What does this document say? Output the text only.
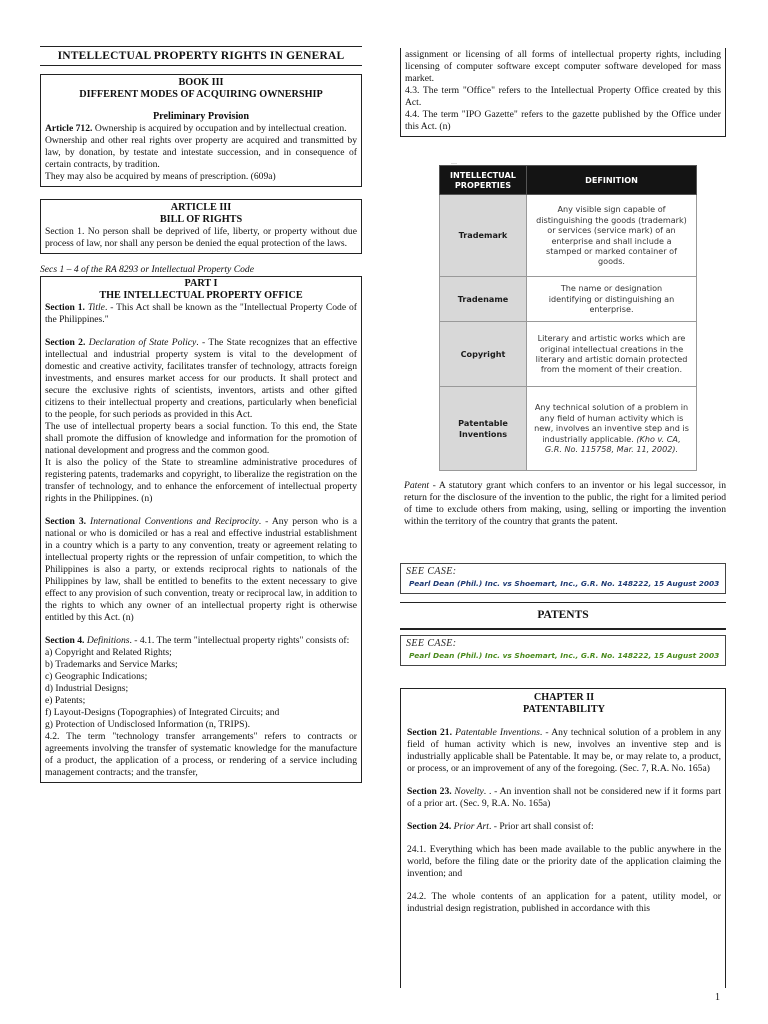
INTELLECTUAL PROPERTY RIGHTS IN GENERAL
BOOK III
DIFFERENT MODES OF ACQUIRING OWNERSHIP
Preliminary Provision

Article 712. Ownership is acquired by occupation and by intellectual creation.

Ownership and other real rights over property are acquired and transmitted by law, by donation, by testate and intestate succession, and in consequence of certain contracts, by tradition.

They may also be acquired by means of prescription. (609a)

ARTICLE III
BILL OF RIGHTS

Section 1. No person shall be deprived of life, liberty, or property without due process of law, nor shall any person be denied the equal protection of the laws.

Secs 1 – 4 of the RA 8293 or Intellectual Property Code
PART I
THE INTELLECTUAL PROPERTY OFFICE

Section 1. Title. - This Act shall be known as the "Intellectual Property Code of the Philippines."

Section 2. Declaration of State Policy. - The State recognizes that an effective intellectual and industrial property system is vital to the development of domestic and creative activity, facilitates transfer of technology, attracts foreign investments, and ensures market access for our products. It shall protect and secure the exclusive rights of scientists, inventors, artists and other gifted citizens to their intellectual property and creations, particularly when beneficial to the people, for such periods as provided in this Act.

The use of intellectual property bears a social function. To this end, the State shall promote the diffusion of knowledge and information for the promotion of national development and progress and the common good.

It is also the policy of the State to streamline administrative procedures of registering patents, trademarks and copyright, to liberalize the registration on the transfer of technology, and to enhance the enforcement of intellectual property rights in the Philippines. (n)

Section 3. International Conventions and Reciprocity. - Any person who is a national or who is domiciled or has a real and effective industrial establishment in a country which is a party to any convention, treaty or agreement relating to intellectual property rights or the repression of unfair competition, to which the Philippines is also a party, or extends reciprocal rights to nationals of the Philippines by law, shall be entitled to benefits to the extent necessary to give effect to any provision of such convention, treaty or reciprocal law, in addition to the rights to which any owner of an intellectual property right is otherwise entitled by this Act. (n)

Section 4. Definitions. - 4.1. The term "intellectual property rights" consists of:

a) Copyright and Related Rights;
b) Trademarks and Service Marks;
c) Geographic Indications;
d) Industrial Designs;
e) Patents;
f) Layout-Designs (Topographies) of Integrated Circuits; and
g) Protection of Undisclosed Information (n, TRIPS).

4.2. The term "technology transfer arrangements" refers to contracts or agreements involving the transfer of systematic knowledge for the manufacture of a product, the application of a process, or rendering of a service including management contracts; and the transfer,

assignment or licensing of all forms of intellectual property rights, including licensing of computer software except computer software developed for mass market.

4.3. The term "Office" refers to the Intellectual Property Office created by this Act.

4.4. The term "IPO Gazette" refers to the gazette published by the Office under this Act. (n)

…
INTELLECTUAL PROPERTIES	DEFINITION
Trademark	Any visible sign capable of distinguishing the goods (trademark) or services (service mark) of an enterprise and shall include a stamped or marked container of goods.
Tradename	The name or designation identifying or distinguishing an enterprise.
Copyright	Literary and artistic works which are original intellectual creations in the literary and artistic domain protected from the moment of their creation.
Patentable Inventions	Any technical solution of a problem in any field of human activity which is new, involves an inventive step and is industrially applicable. (Kho v. CA, G.R. No. 115758, Mar. 11, 2002).

Patent - A statutory grant which confers to an inventor or his legal successor, in return for the disclosure of the invention to the public, the right for a limited period of time to exclude others from making, using, selling or importing the invention within the territory of the country that grants the patent.

SEE CASE:
Pearl Dean (Phil.) Inc. vs Shoemart, Inc., G.R. No. 148222, 15 August 2003
PATENTS
SEE CASE:
Pearl Dean (Phil.) Inc. vs Shoemart, Inc., G.R. No. 148222, 15 August 2003
CHAPTER II
PATENTABILITY

Section 21. Patentable Inventions. - Any technical solution of a problem in any field of human activity which is new, involves an inventive step and is industrially applicable shall be Patentable. It may be, or may relate to, a product, or process, or an improvement of any of the foregoing. (Sec. 7, R.A. No. 165a)

Section 23. Novelty. . - An invention shall not be considered new if it forms part of a prior art. (Sec. 9, R.A. No. 165a)

Section 24. Prior Art. - Prior art shall consist of:

24.1. Everything which has been made available to the public anywhere in the world, before the filing date or the priority date of the application claiming the invention; and

24.2. The whole contents of an application for a patent, utility model, or industrial design registration, published in accordance with this

1
